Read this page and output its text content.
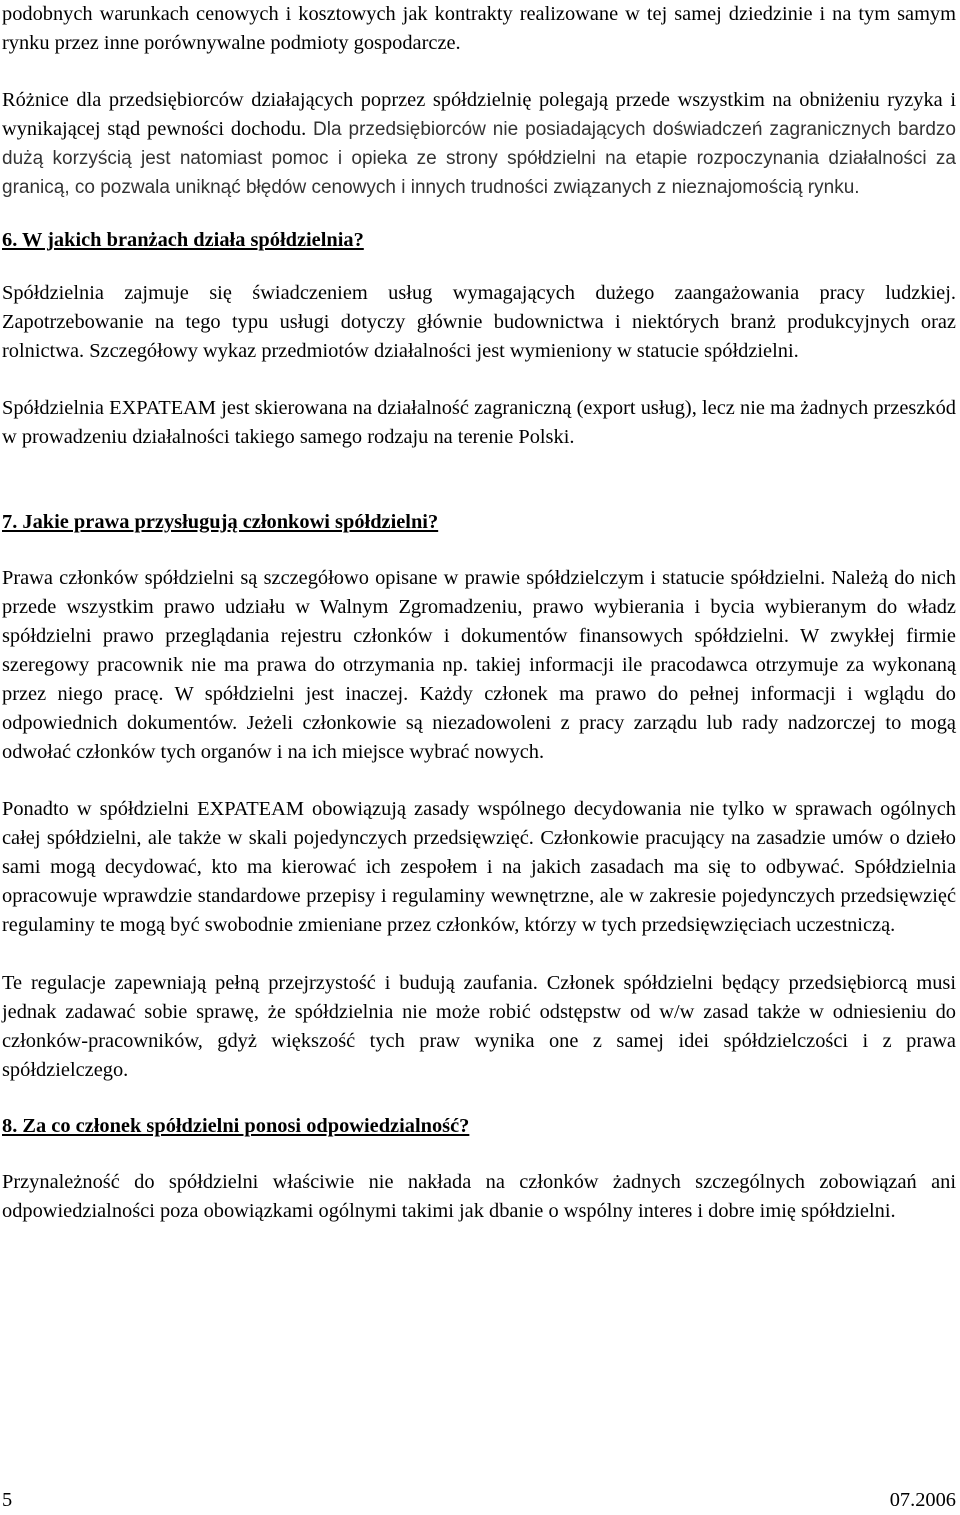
podobnych warunkach cenowych i kosztowych jak kontrakty realizowane w tej samej dziedzinie i na tym samym rynku przez inne porównywalne podmioty gospodarcze.

Różnice dla przedsiębiorców działających poprzez spółdzielnię polegają przede wszystkim na obniżeniu ryzyka i wynikającej stąd pewności dochodu. Dla przedsiębiorców nie posiadających doświadczeń zagranicznych bardzo dużą korzyścią jest natomiast pomoc i opieka ze strony spółdzielni na etapie rozpoczynania działalności za granicą, co pozwala uniknąć błędów cenowych i innych trudności związanych z nieznajomością rynku.

6. W jakich branżach działa spółdzielnia?

Spółdzielnia zajmuje się świadczeniem usług wymagających dużego zaangażowania pracy ludzkiej. Zapotrzebowanie na tego typu usługi dotyczy głównie budownictwa i niektórych branż produkcyjnych oraz rolnictwa. Szczegółowy wykaz przedmiotów działalności jest wymieniony w statucie spółdzielni.

Spółdzielnia EXPATEAM jest skierowana na działalność zagraniczną (export usług), lecz nie ma żadnych przeszkód w prowadzeniu działalności takiego samego rodzaju na terenie Polski.

7. Jakie prawa przysługują członkowi spółdzielni?

Prawa członków spółdzielni są szczegółowo opisane w prawie spółdzielczym i statucie spółdzielni. Należą do nich przede wszystkim prawo udziału w Walnym Zgromadzeniu, prawo wybierania i bycia wybieranym do władz spółdzielni prawo przeglądania rejestru członków i dokumentów finansowych spółdzielni. W zwykłej firmie szeregowy pracownik nie ma prawa do otrzymania np. takiej informacji ile pracodawca otrzymuje za wykonaną przez niego pracę. W spółdzielni jest inaczej. Każdy członek ma prawo do pełnej informacji i wglądu do odpowiednich dokumentów. Jeżeli członkowie są niezadowoleni z pracy zarządu lub rady nadzorczej to mogą odwołać członków tych organów i na ich miejsce wybrać nowych.

Ponadto w spółdzielni EXPATEAM obowiązują zasady wspólnego decydowania nie tylko w sprawach ogólnych całej spółdzielni, ale także w skali pojedynczych przedsięwzięć. Członkowie pracujący na zasadzie umów o dzieło sami mogą decydować, kto ma kierować ich zespołem i na jakich zasadach ma się to odbywać. Spółdzielnia opracowuje wprawdzie standardowe przepisy i regulaminy wewnętrzne, ale w zakresie pojedynczych przedsięwzięć regulaminy te mogą być swobodnie zmieniane przez członków, którzy w tych przedsięwzięciach uczestniczą.

Te regulacje zapewniają pełną przejrzystość i budują zaufania. Członek spółdzielni będący przedsiębiorcą musi jednak zadawać sobie sprawę, że spółdzielnia nie może robić odstępstw od w/w zasad także w odniesieniu do członków-pracowników, gdyż większość tych praw wynika one z samej idei spółdzielczości i z prawa spółdzielczego.

8. Za co członek spółdzielni ponosi odpowiedzialność?

Przynależność do spółdzielni właściwie nie nakłada na członków żadnych szczególnych zobowiązań ani odpowiedzialności poza obowiązkami ogólnymi takimi jak dbanie o wspólny interes i dobre imię spółdzielni.

5	07.2006
